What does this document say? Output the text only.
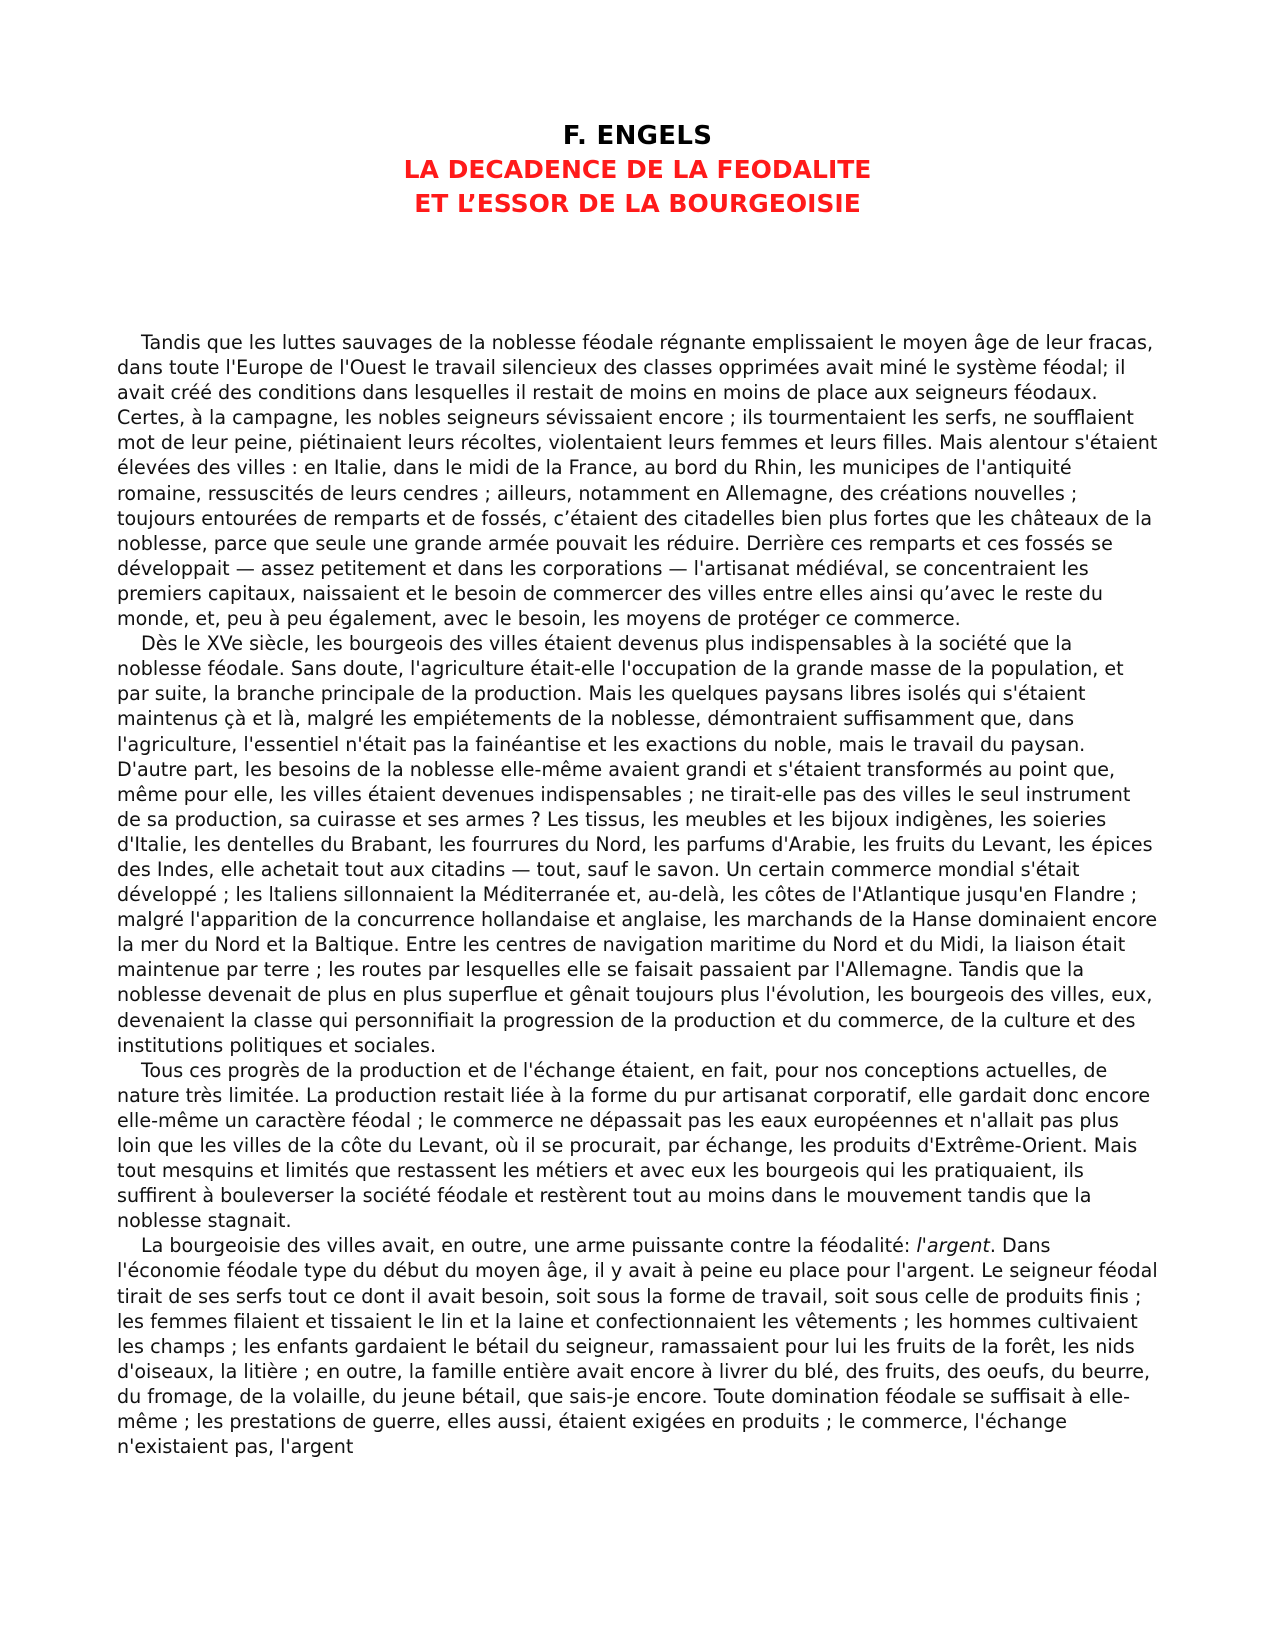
F. ENGELS

LA DECADENCE DE LA FEODALITE
ET L’ESSOR DE LA BOURGEOISIE

Tandis que les luttes sauvages de la noblesse féodale régnante emplissaient le moyen âge de leur fracas, dans toute l'Europe de l'Ouest le travail silencieux des classes opprimées avait miné le système féodal; il avait créé des conditions dans lesquelles il restait de moins en moins de place aux seigneurs féodaux. Certes, à la campagne, les nobles seigneurs sévissaient encore ; ils tourmentaient les serfs, ne soufflaient mot de leur peine, piétinaient leurs récoltes, violentaient leurs femmes et leurs filles. Mais alentour s'étaient élevées des villes : en Italie, dans le midi de la France, au bord du Rhin, les municipes de l'antiquité romaine, ressuscités de leurs cendres ; ailleurs, notamment en Allemagne, des créations nouvelles ; toujours entourées de remparts et de fossés, c’étaient des citadelles bien plus fortes que les châteaux de la noblesse, parce que seule une grande armée pouvait les réduire. Derrière ces remparts et ces fossés se développait — assez petitement et dans les corporations — l'artisanat médiéval, se concentraient les premiers capitaux, naissaient et le besoin de commercer des villes entre elles ainsi qu’avec le reste du monde, et, peu à peu également, avec le besoin, les moyens de protéger ce commerce.

Dès le XVe siècle, les bourgeois des villes étaient devenus plus indispensables à la société que la noblesse féodale. Sans doute, l'agriculture était-elle l'occupation de la grande masse de la population, et par suite, la branche principale de la production. Mais les quelques paysans libres isolés qui s'étaient maintenus çà et là, malgré les empiétements de la noblesse, démontraient suffisamment que, dans l'agriculture, l'essentiel n'était pas la fainéantise et les exactions du noble, mais le travail du paysan. D'autre part, les besoins de la noblesse elle-même avaient grandi et s'étaient transformés au point que, même pour elle, les villes étaient devenues indispensables ; ne tirait-elle pas des villes le seul instrument de sa production, sa cuirasse et ses armes ? Les tissus, les meubles et les bijoux indigènes, les soieries d'Italie, les dentelles du Brabant, les fourrures du Nord, les parfums d'Arabie, les fruits du Levant, les épices des Indes, elle achetait tout aux citadins — tout, sauf le savon. Un certain commerce mondial s'était développé ; les ltaliens sillonnaient la Méditerranée et, au-delà, les côtes de l'Atlantique jusqu'en Flandre ; malgré l'apparition de la concurrence hollandaise et anglaise, les marchands de la Hanse dominaient encore la mer du Nord et la Baltique. Entre les centres de navigation maritime du Nord et du Midi, la liaison était maintenue par terre ; les routes par lesquelles elle se faisait passaient par l'Allemagne. Tandis que la noblesse devenait de plus en plus superflue et gênait toujours plus l'évolution, les bourgeois des villes, eux, devenaient la classe qui personnifiait la progression de la production et du commerce, de la culture et des institutions politiques et sociales.

Tous ces progrès de la production et de l'échange étaient, en fait, pour nos conceptions actuelles, de nature très limitée. La production restait liée à la forme du pur artisanat corporatif, elle gardait donc encore elle-même un caractère féodal ; le commerce ne dépassait pas les eaux européennes et n'allait pas plus loin que les villes de la côte du Levant, où il se procurait, par échange, les produits d'Extrême-Orient. Mais tout mesquins et limités que restassent les métiers et avec eux les bourgeois qui les pratiquaient, ils suffirent à bouleverser la société féodale et restèrent tout au moins dans le mouvement tandis que la noblesse stagnait.

La bourgeoisie des villes avait, en outre, une arme puissante contre la féodalité: l'argent. Dans l'économie féodale type du début du moyen âge, il y avait à peine eu place pour l'argent. Le seigneur féodal tirait de ses serfs tout ce dont il avait besoin, soit sous la forme de travail, soit sous celle de produits finis ; les femmes filaient et tissaient le lin et la laine et confectionnaient les vêtements ; les hommes cultivaient les champs ; les enfants gardaient le bétail du seigneur, ramassaient pour lui les fruits de la forêt, les nids d'oiseaux, la litière ; en outre, la famille entière avait encore à livrer du blé, des fruits, des oeufs, du beurre, du fromage, de la volaille, du jeune bétail, que sais-je encore. Toute domination féodale se suffisait à elle-même ; les prestations de guerre, elles aussi, étaient exigées en produits ; le commerce, l'échange n'existaient pas, l'argent
